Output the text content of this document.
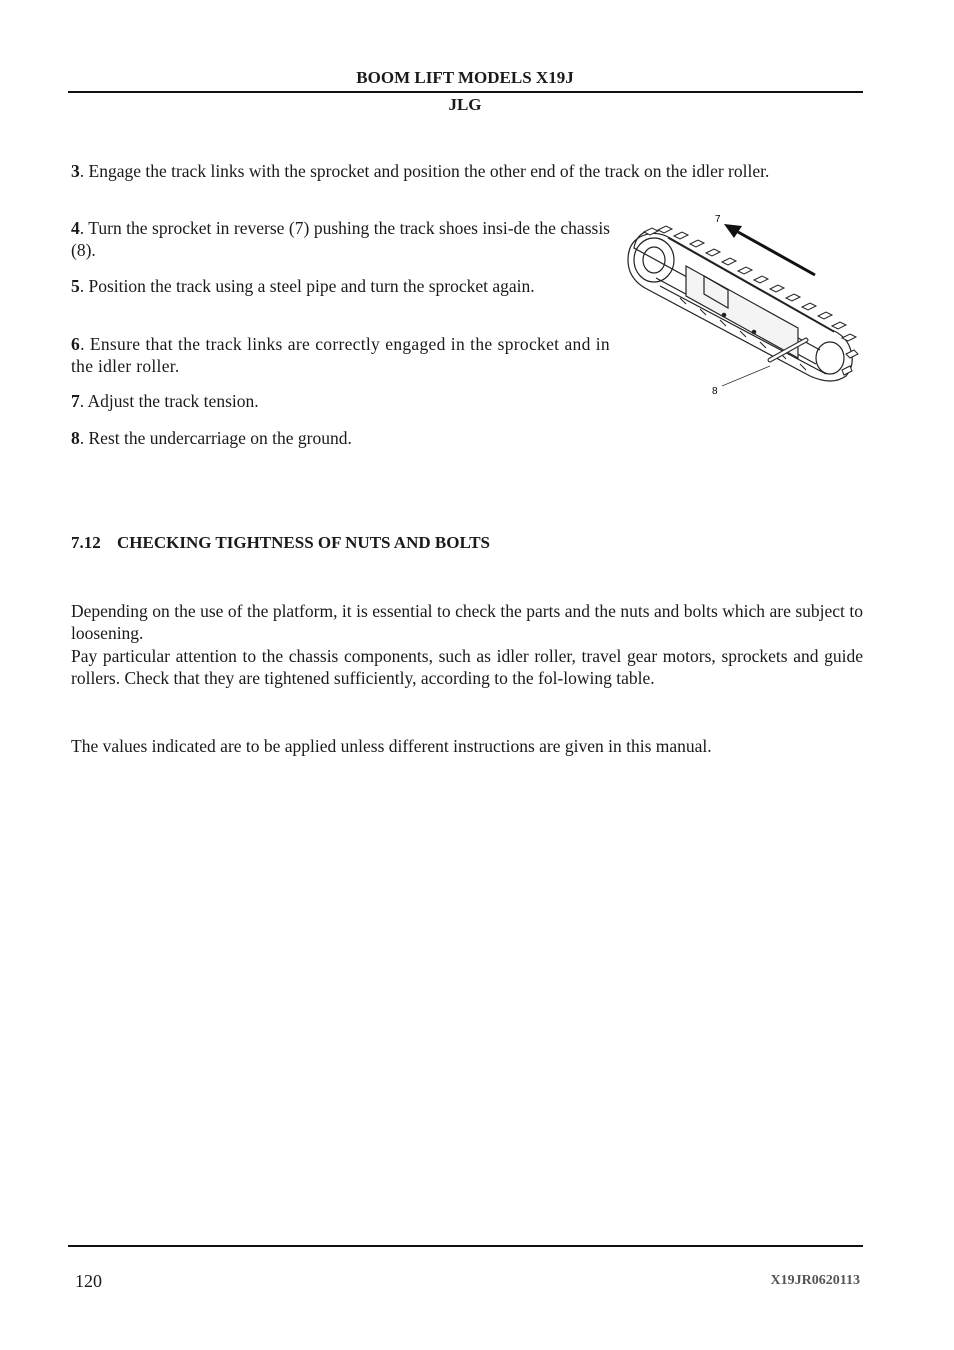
BOOM LIFT MODELS X19J
JLG

3. Engage the track links with the sprocket and position the other end of the track on the idler roller.

4. Turn the sprocket in reverse (7) pushing the track shoes insi-de the chassis (8).

5. Position the track using a steel pipe and turn the sprocket again.

6. Ensure that the track links are correctly engaged in the sprocket and in the idler roller.

7. Adjust the track tension.

8. Rest the undercarriage on the ground.

7
8
7.12 CHECKING TIGHTNESS OF NUTS AND BOLTS

Depending on the use of the platform, it is essential to check the parts and the nuts and bolts which are subject to loosening.

Pay particular attention to the chassis components, such as idler roller, travel gear motors, sprockets and guide rollers. Check that they are tightened sufficiently, according to the fol-lowing table.

The values indicated are to be applied unless different instructions are given in this manual.

120	X19JR0620113
